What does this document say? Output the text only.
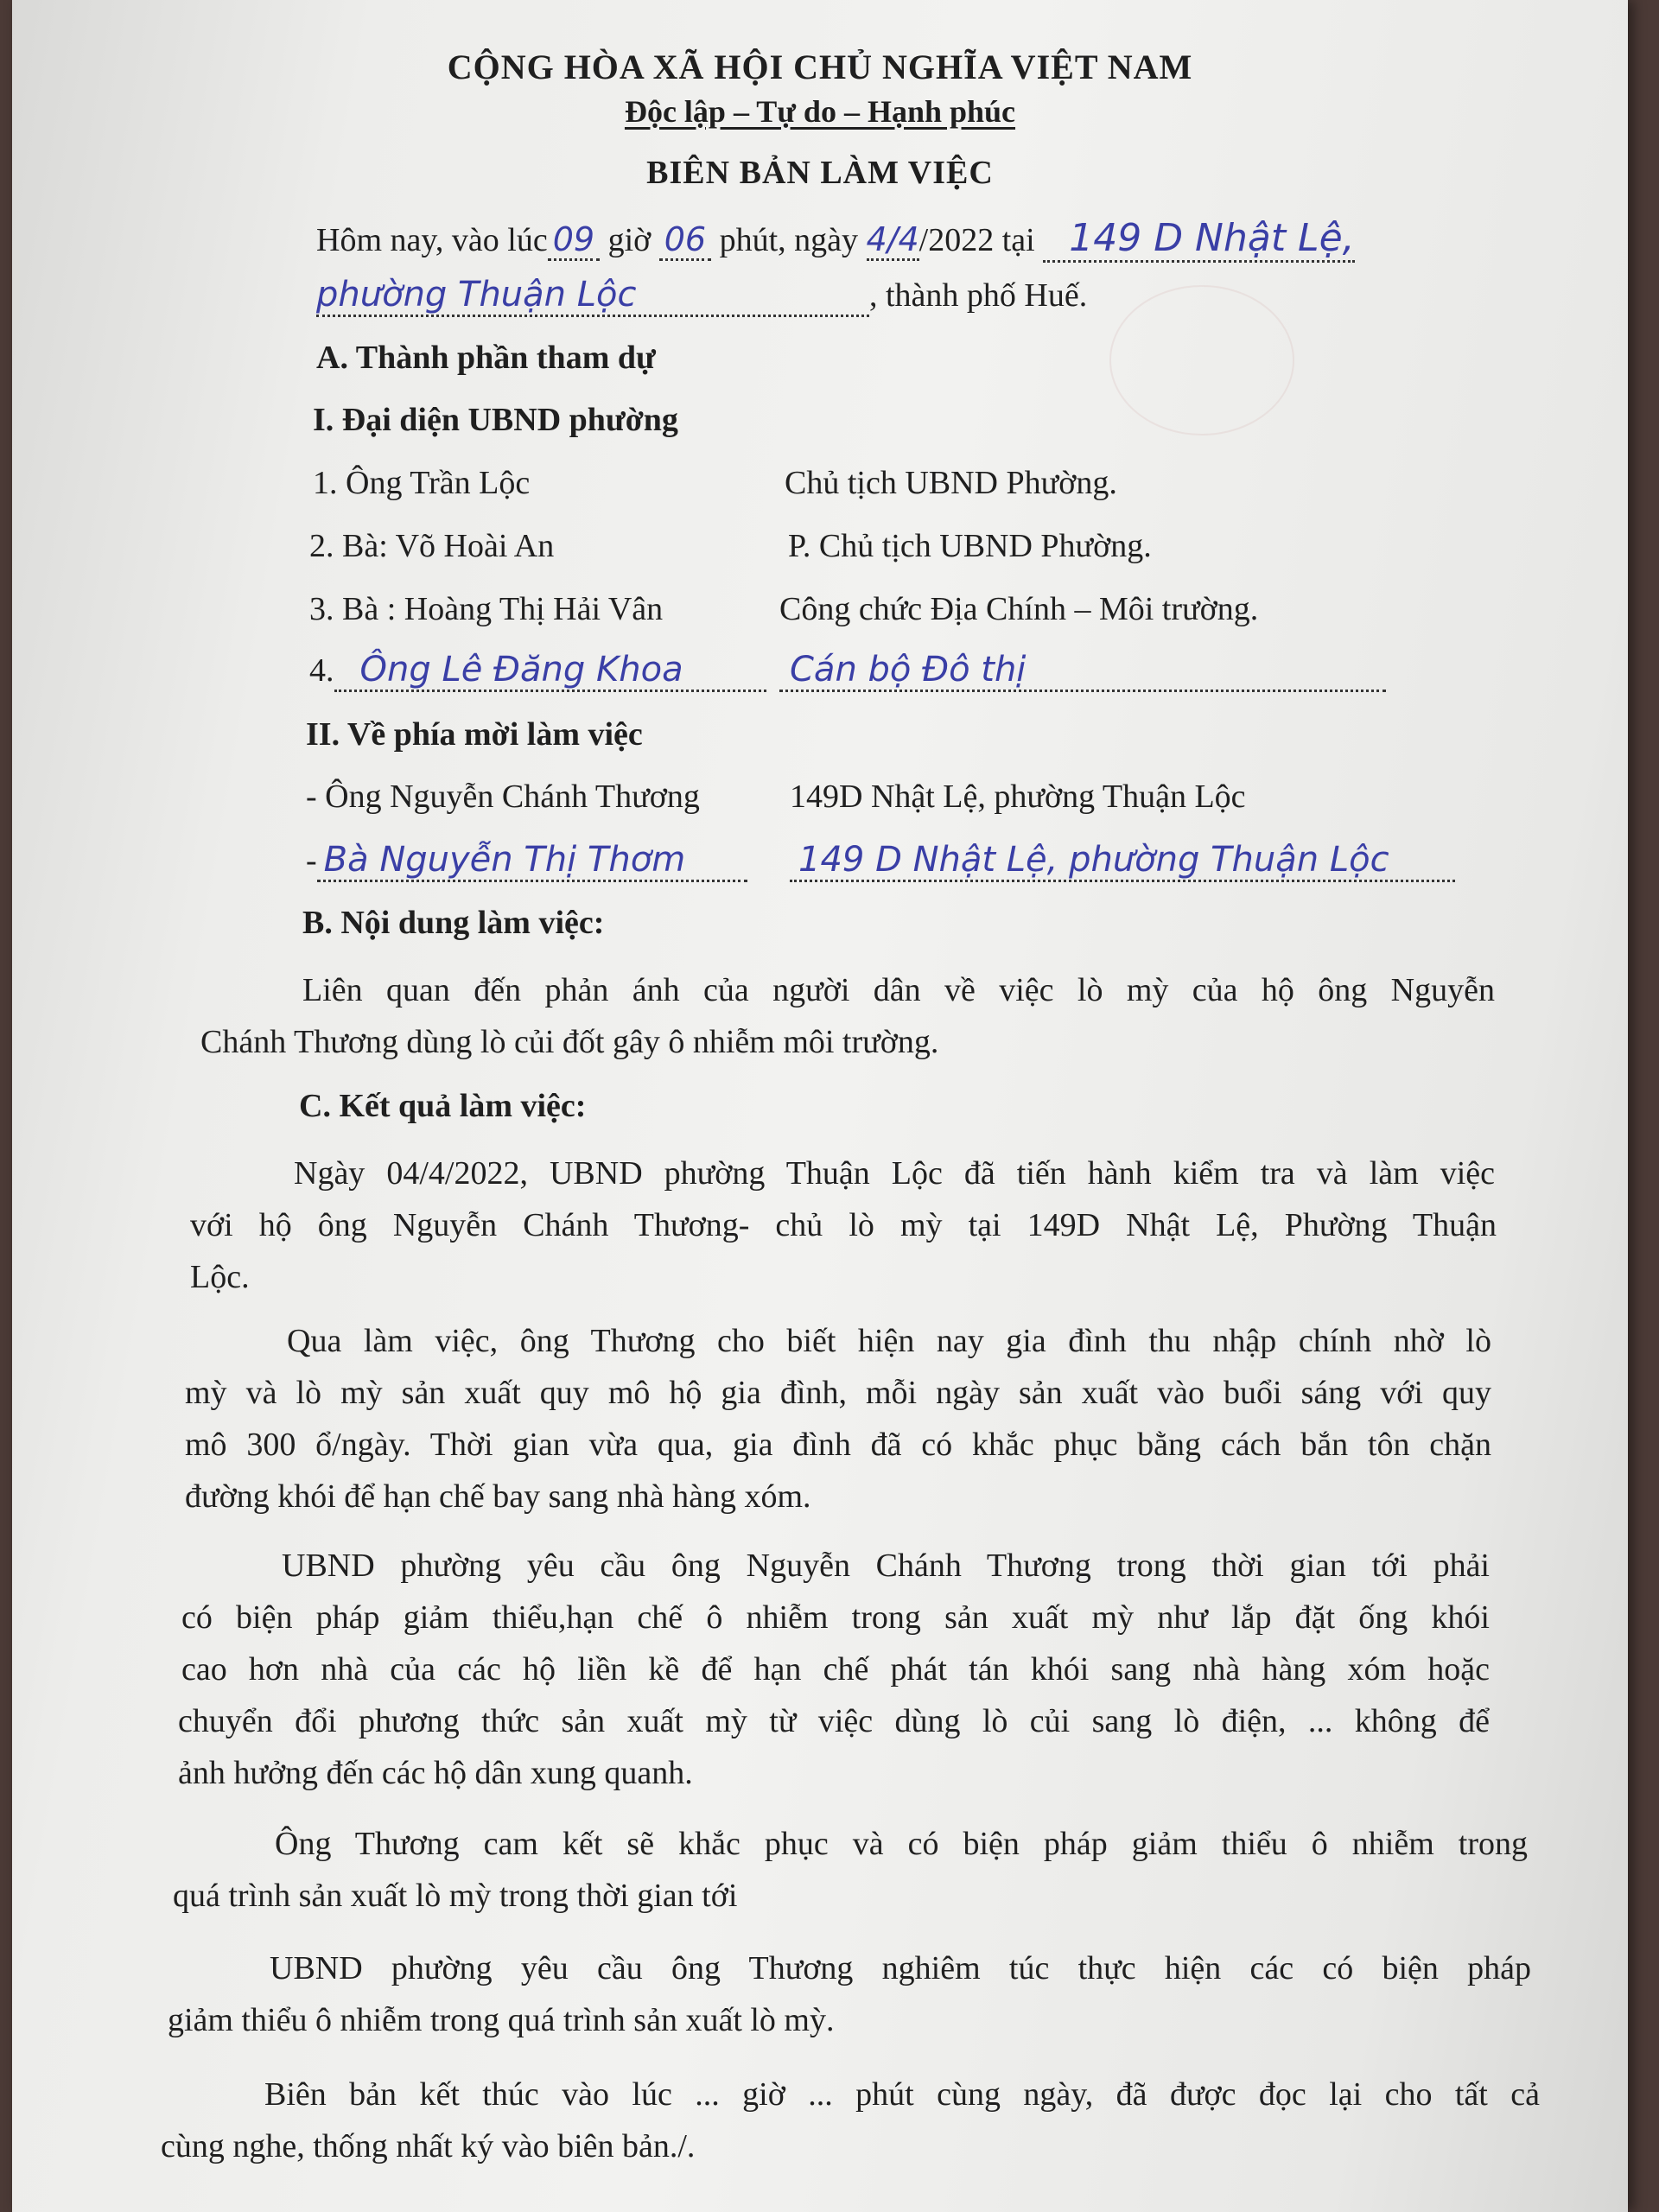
CỘNG HÒA XÃ HỘI CHỦ NGHĨA VIỆT NAM
Độc lập – Tự do – Hạnh phúc
BIÊN BẢN LÀM VIỆC
Hôm nay, vào lúc 09 giờ 06 phút, ngày 4/4/2022 tại 149 D Nhật Lệ,
phường Thuận Lộc	, thành phố Huế.
A. Thành phần tham dự
I. Đại diện UBND phường
1. Ông Trần Lộc	Chủ tịch UBND Phường.
2. Bà: Võ Hoài An	P. Chủ tịch UBND Phường.
3. Bà : Hoàng Thị Hải Vân	Công chức Địa Chính – Môi trường.
4. Ông Lê Đăng Khoa	Cán bộ Đô thị
II. Về phía mời làm việc
- Ông Nguyễn Chánh Thương	149D Nhật Lệ, phường Thuận Lộc
- Bà Nguyễn Thị Thơm	149 D Nhật Lệ, phường Thuận Lộc
B. Nội dung làm việc:
Liên quan đến phản ánh của người dân về việc lò mỳ của hộ ông Nguyễn
Chánh Thương dùng lò củi đốt gây ô nhiễm môi trường.
C. Kết quả làm việc:
Ngày 04/4/2022, UBND phường Thuận Lộc đã tiến hành kiểm tra và làm việc
với hộ ông Nguyễn Chánh Thương- chủ lò mỳ tại 149D Nhật Lệ, Phường Thuận
Lộc.
Qua làm việc, ông Thương cho biết hiện nay gia đình thu nhập chính nhờ lò
mỳ và lò mỳ sản xuất quy mô hộ gia đình, mỗi ngày sản xuất vào buổi sáng với quy
mô 300 ổ/ngày. Thời gian vừa qua, gia đình đã có khắc phục bằng cách bắn tôn chặn
đường khói để hạn chế bay sang nhà hàng xóm.
UBND phường yêu cầu ông Nguyễn Chánh Thương trong thời gian tới phải
có biện pháp giảm thiểu,hạn chế ô nhiễm trong sản xuất mỳ như lắp đặt ống khói
cao hơn nhà của các hộ liền kề để hạn chế phát tán khói sang nhà hàng xóm hoặc
chuyển đổi phương thức sản xuất mỳ từ việc dùng lò củi sang lò điện, ... không để
ảnh hưởng đến các hộ dân xung quanh.
Ông Thương cam kết sẽ khắc phục và có biện pháp giảm thiểu ô nhiễm trong
quá trình sản xuất lò mỳ trong thời gian tới
UBND phường yêu cầu ông Thương nghiêm túc thực hiện các có biện pháp
giảm thiểu ô nhiễm trong quá trình sản xuất lò mỳ.
Biên bản kết thúc vào lúc ... giờ ... phút cùng ngày, đã được đọc lại cho tất cả
cùng nghe, thống nhất ký vào biên bản./.
